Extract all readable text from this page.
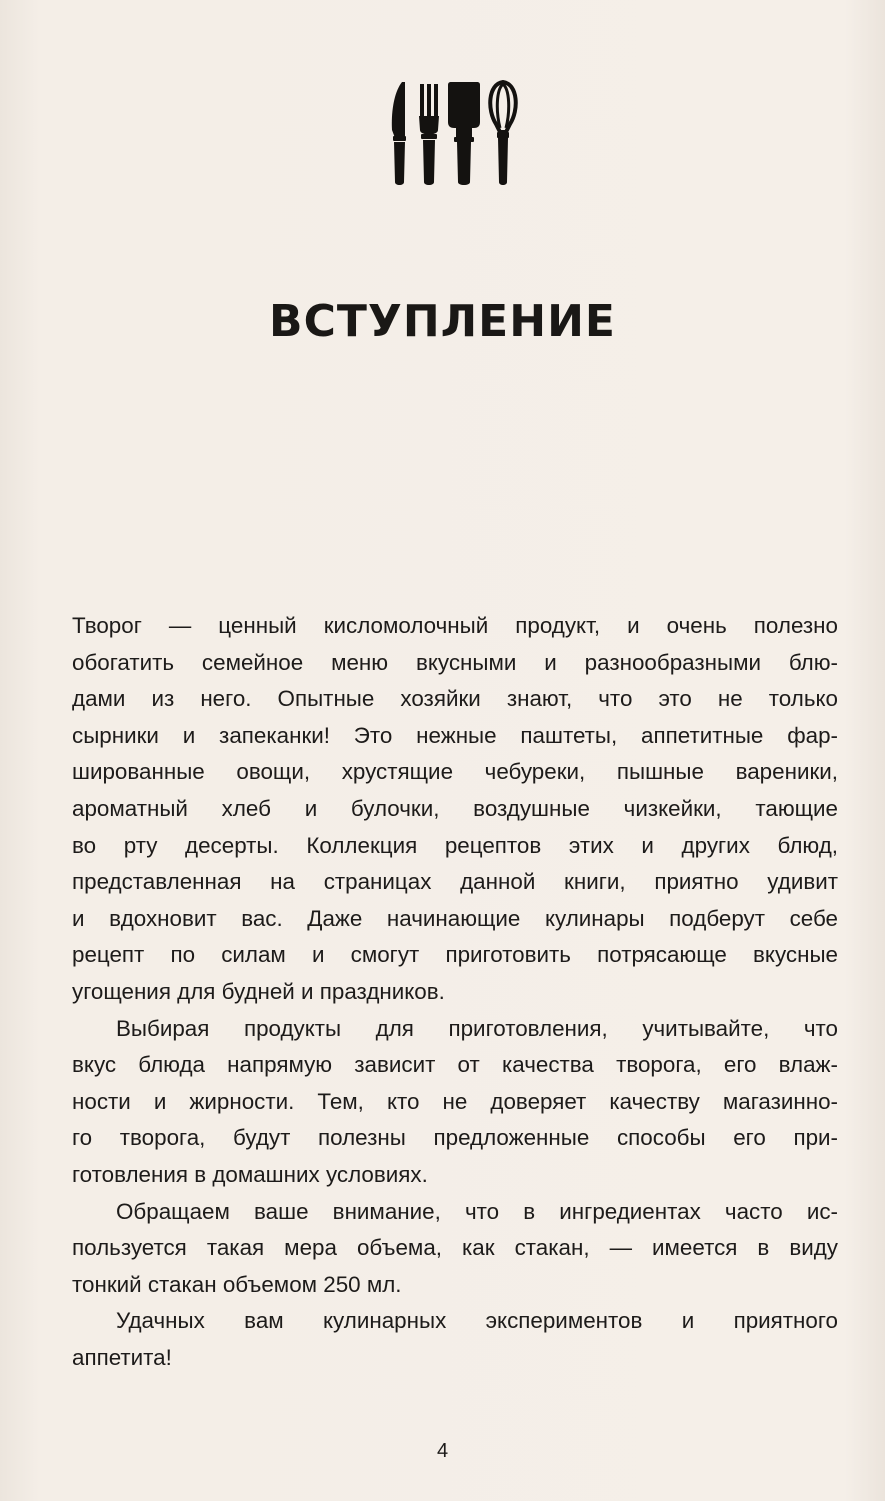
ВСТУПЛЕНИЕ

Творог — ценный кисломолочный продукт, и очень полезно
обогатить семейное меню вкусными и разнообразными блю-
дами из него. Опытные хозяйки знают, что это не только
сырники и запеканки! Это нежные паштеты, аппетитные фар-
шированные овощи, хрустящие чебуреки, пышные вареники,
ароматный хлеб и булочки, воздушные чизкейки, тающие
во рту десерты. Коллекция рецептов этих и других блюд,
представленная на страницах данной книги, приятно удивит
и вдохновит вас. Даже начинающие кулинары подберут себе
рецепт по силам и смогут приготовить потрясающе вкусные
угощения для будней и праздников.

Выбирая продукты для приготовления, учитывайте, что
вкус блюда напрямую зависит от качества творога, его влаж-
ности и жирности. Тем, кто не доверяет качеству магазинно-
го творога, будут полезны предложенные способы его при-
готовления в домашних условиях.

Обращаем ваше внимание, что в ингредиентах часто ис-
пользуется такая мера объема, как стакан, — имеется в виду
тонкий стакан объемом 250 мл.

Удачных вам кулинарных экспериментов и приятного
аппетита!

4
